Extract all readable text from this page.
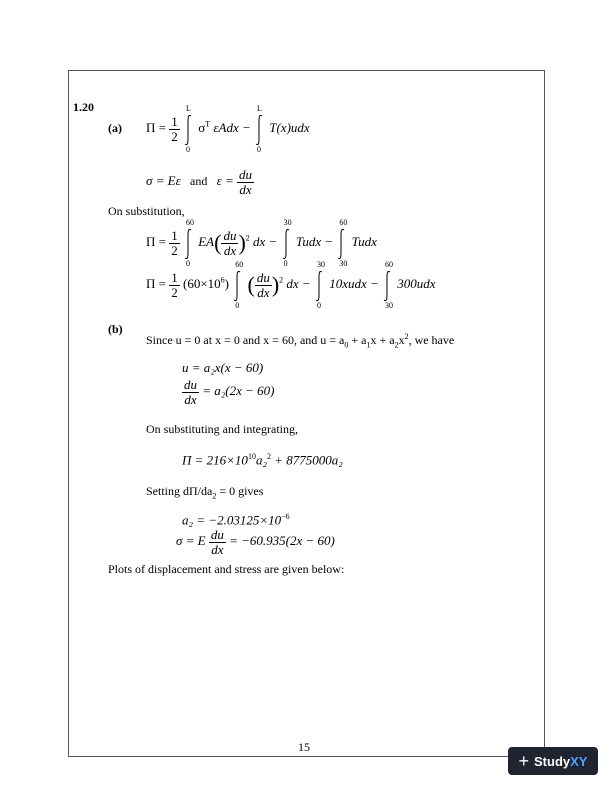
1.20
(a) $\Pi = \frac{1}{2}$

L
0
$\sigma^T$ εAdx −
L
0
T(x)udx
σ = Eε and $\varepsilon = \frac{du}{dx}$
On substitution,
$\Pi = \frac{1}{2}$

60
0
$EA( \frac{du}{dx} )^2$ dx −
30
0
Tudx −
60
30
Tudx
$\Pi = \frac{1}{2} (60\times 10^6)$
60
0
( $\frac{du}{dx} )^2$ dx −
30
0
10xudx −
60
30
300udx
(b)
Since u = 0 at x = 0 and x = 60, and $u = a_0 + a_1x + a_2x^2$, we have
u = a₂x(x − 60)
$\frac{du}{dx} = a_2(2x - 60)$
On substituting and integrating,
$\Pi = 216\times 10^{10}a_2^2 + 8775000a_2$
Setting $d\Pi/da_2 = 0$ gives
$a_2 = -2.03125\times 10^{-6}$
σ = E $\frac{du}{dx} = -60.935(2x - 60)$
Plots of displacement and stress are given below:
15
+ StudyXY
